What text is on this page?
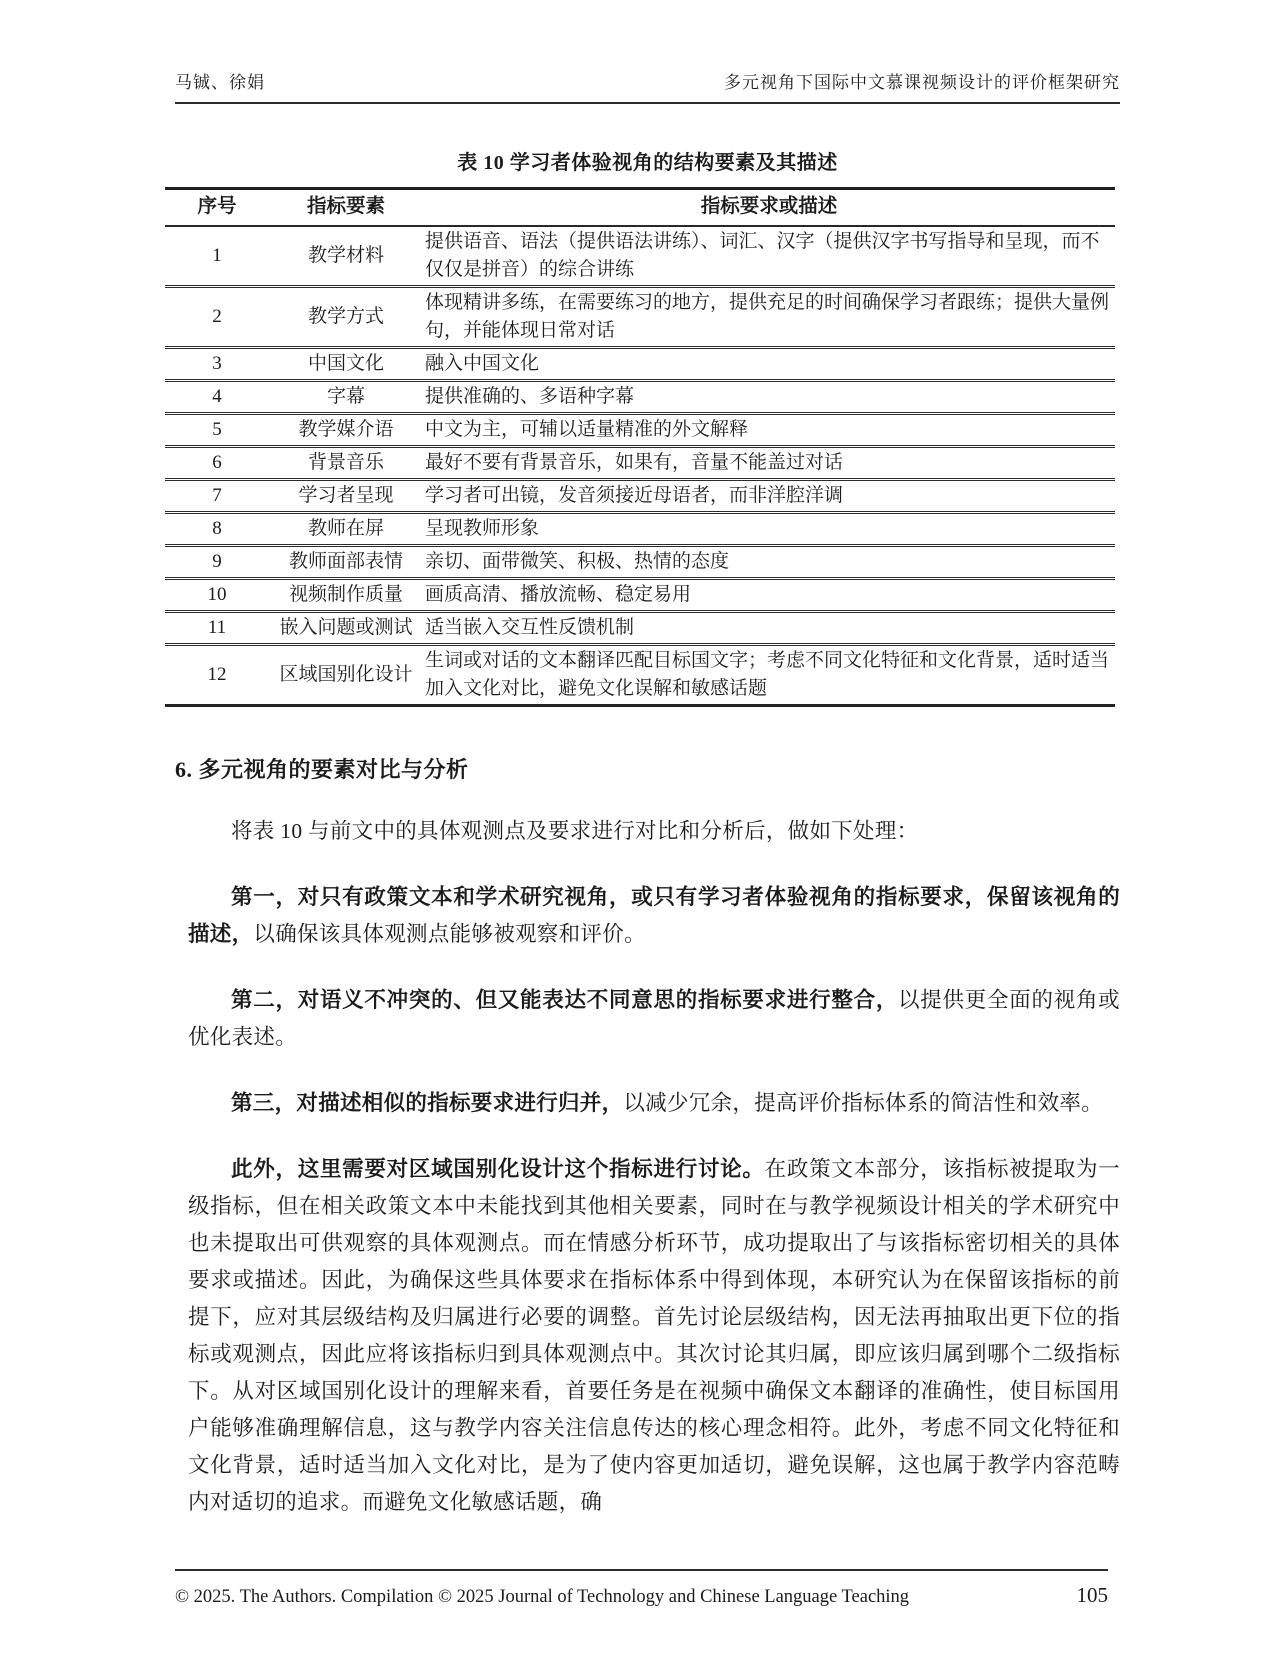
马铖、徐娟	多元视角下国际中文慕课视频设计的评价框架研究
表 10 学习者体验视角的结构要素及其描述
序号	指标要素	指标要求或描述
1	教学材料	提供语音、语法（提供语法讲练）、词汇、汉字（提供汉字书写指导和呈现，而不仅仅是拼音）的综合讲练
2	教学方式	体现精讲多练，在需要练习的地方，提供充足的时间确保学习者跟练；提供大量例句，并能体现日常对话
3	中国文化	融入中国文化
4	字幕	提供准确的、多语种字幕
5	教学媒介语	中文为主，可辅以适量精准的外文解释
6	背景音乐	最好不要有背景音乐，如果有，音量不能盖过对话
7	学习者呈现	学习者可出镜，发音须接近母语者，而非洋腔洋调
8	教师在屏	呈现教师形象
9	教师面部表情	亲切、面带微笑、积极、热情的态度
10	视频制作质量	画质高清、播放流畅、稳定易用
11	嵌入问题或测试	适当嵌入交互性反馈机制
12	区域国别化设计	生词或对话的文本翻译匹配目标国文字；考虑不同文化特征和文化背景，适时适当加入文化对比，避免文化误解和敏感话题
6. 多元视角的要素对比与分析

将表 10 与前文中的具体观测点及要求进行对比和分析后，做如下处理：

第一，对只有政策文本和学术研究视角，或只有学习者体验视角的指标要求，保留该视角的描述，以确保该具体观测点能够被观察和评价。

第二，对语义不冲突的、但又能表达不同意思的指标要求进行整合，以提供更全面的视角或优化表述。

第三，对描述相似的指标要求进行归并，以减少冗余，提高评价指标体系的简洁性和效率。

此外，这里需要对区域国别化设计这个指标进行讨论。在政策文本部分，该指标被提取为一级指标，但在相关政策文本中未能找到其他相关要素，同时在与教学视频设计相关的学术研究中也未提取出可供观察的具体观测点。而在情感分析环节，成功提取出了与该指标密切相关的具体要求或描述。因此，为确保这些具体要求在指标体系中得到体现，本研究认为在保留该指标的前提下，应对其层级结构及归属进行必要的调整。首先讨论层级结构，因无法再抽取出更下位的指标或观测点，因此应将该指标归到具体观测点中。其次讨论其归属，即应该归属到哪个二级指标下。从对区域国别化设计的理解来看，首要任务是在视频中确保文本翻译的准确性，使目标国用户能够准确理解信息，这与教学内容关注信息传达的核心理念相符。此外，考虑不同文化特征和文化背景，适时适当加入文化对比，是为了使内容更加适切，避免误解，这也属于教学内容范畴内对适切的追求。而避免文化敏感话题，确

© 2025. The Authors. Compilation © 2025 Journal of Technology and Chinese Language Teaching	105
